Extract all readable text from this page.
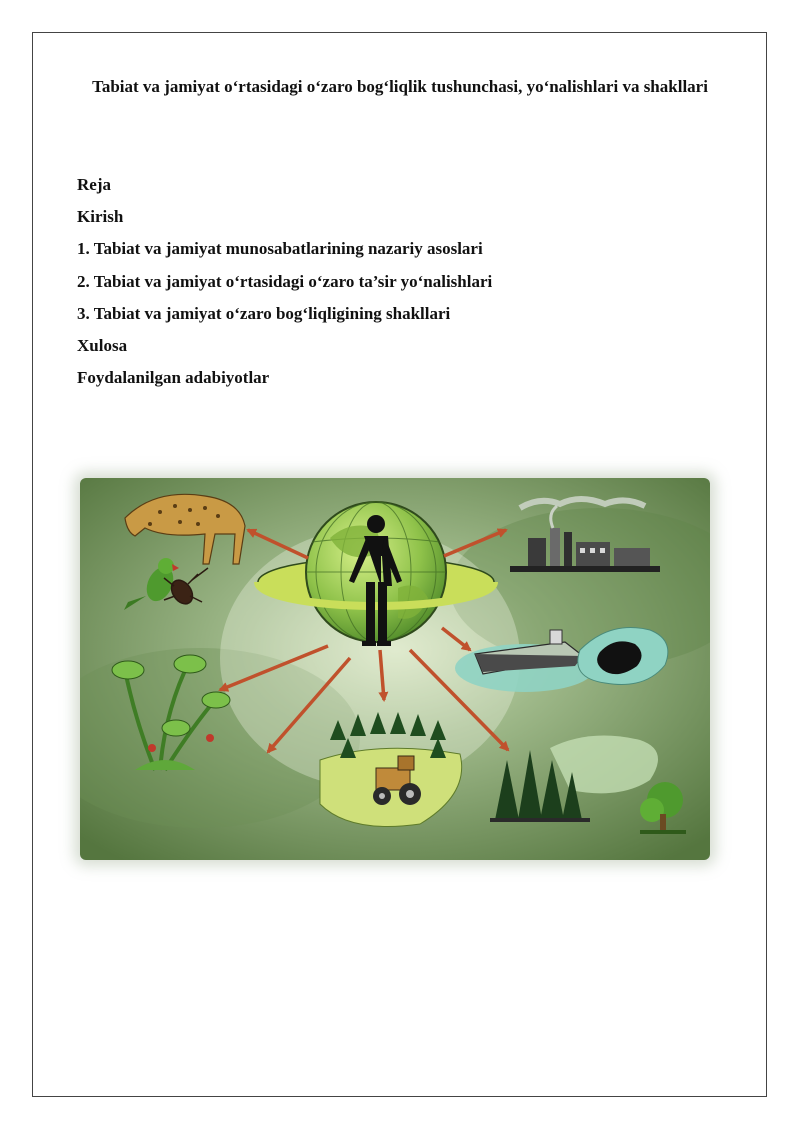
Tabiat va jamiyat o‘rtasidagi o‘zaro bog‘liqlik tushunchasi, yo‘nalishlari va shakllari
Reja
Kirish
1. Tabiat va jamiyat munosabatlarining nazariy asoslari
2. Tabiat va jamiyat o‘rtasidagi o‘zaro ta’sir yo‘nalishlari
3. Tabiat va jamiyat o‘zaro bog‘liqligining shakllari
Xulosa
Foydalanilgan adabiyotlar
